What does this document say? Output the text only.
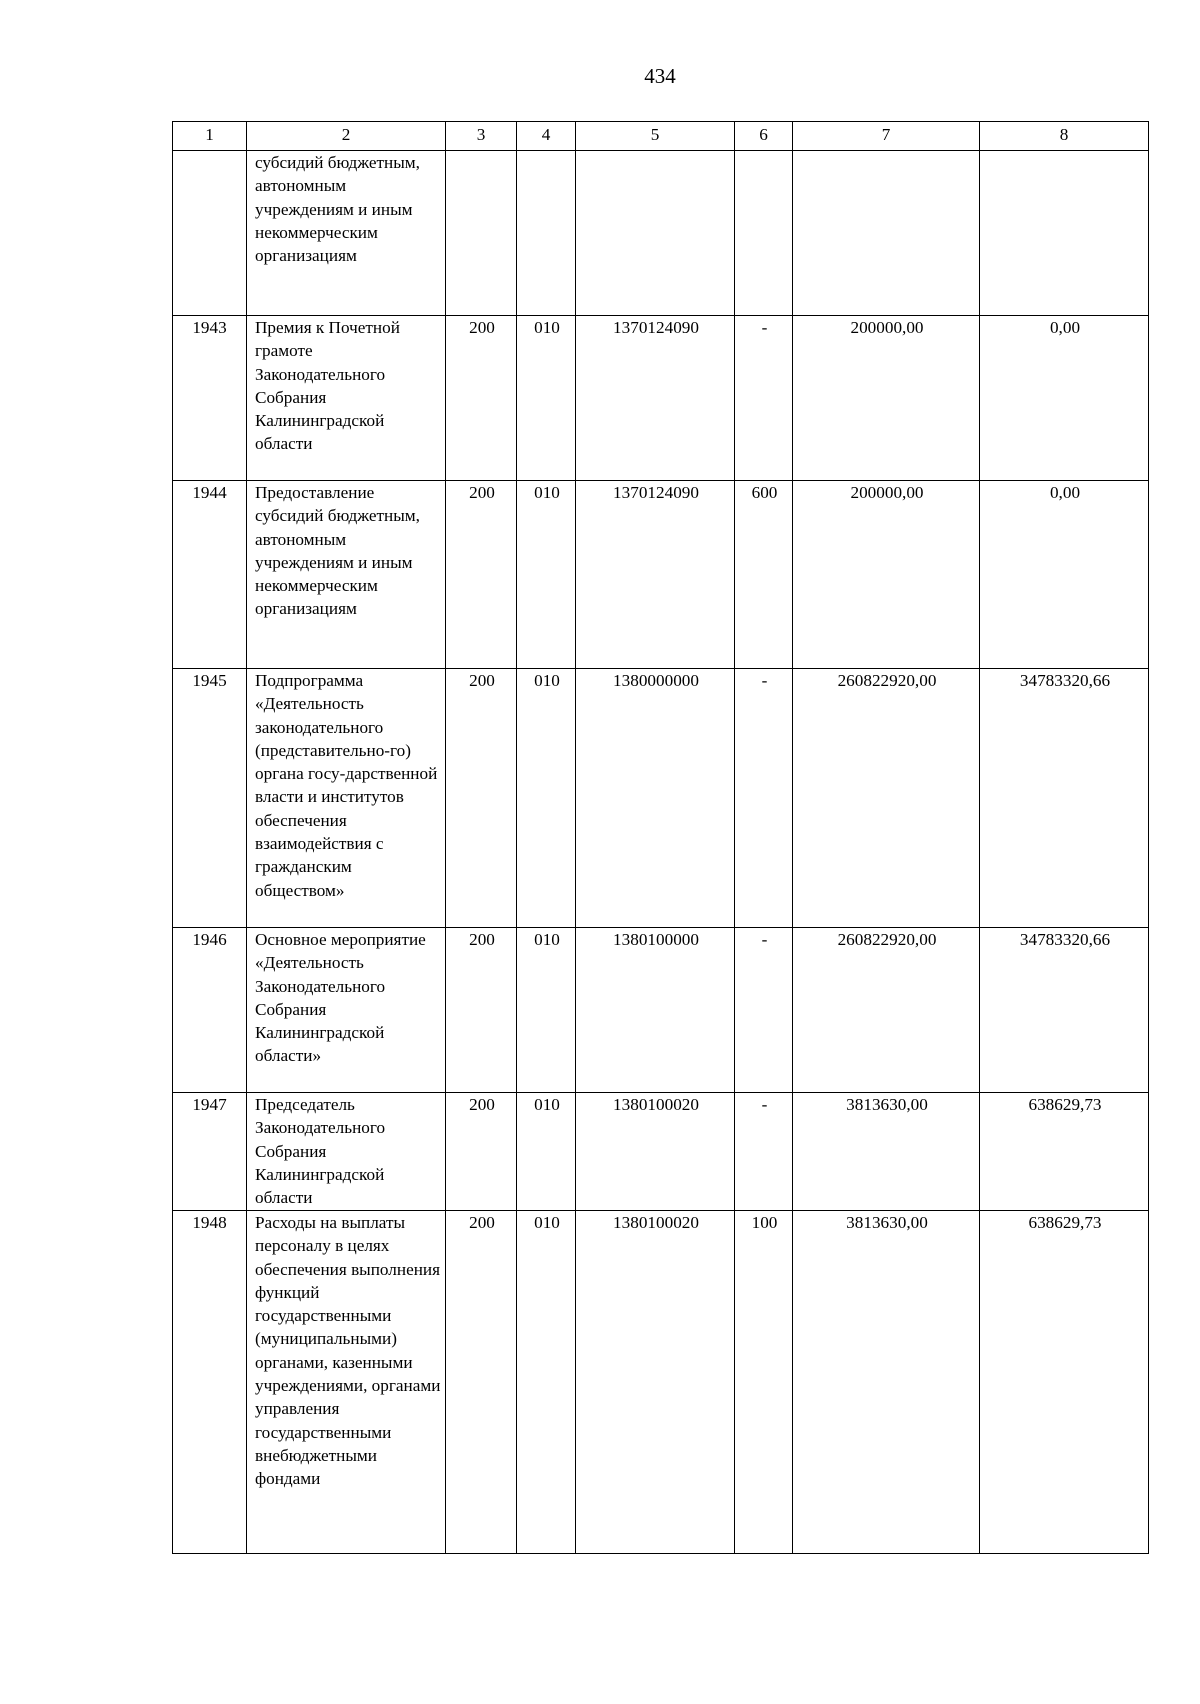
434
1	2	3	4	5	6	7	8
	субсидий бюджетным, автономным учреждениям и иным некоммерческим организациям						
1943	Премия к Почетной грамоте Законодательного Собрания Калининградской области	200	010	1370124090	-	200000,00	0,00
1944	Предоставление субсидий бюджетным, автономным учреждениям и иным некоммерческим организациям	200	010	1370124090	600	200000,00	0,00
1945	Подпрограмма «Деятельность законодательного (представительно-го) органа госу-дарственной власти и институтов обеспечения взаимодействия с гражданским обществом»	200	010	1380000000	-	260822920,00	34783320,66
1946	Основное мероприятие «Деятельность Законодательного Собрания Калининградской области»	200	010	1380100000	-	260822920,00	34783320,66
1947	Председатель Законодательного Собрания Калининградской области	200	010	1380100020	-	3813630,00	638629,73
1948	Расходы на выплаты персоналу в целях обеспечения выполнения функций государственными (муниципальными) органами, казенными учреждениями, органами управления государственными внебюджетными фондами	200	010	1380100020	100	3813630,00	638629,73
